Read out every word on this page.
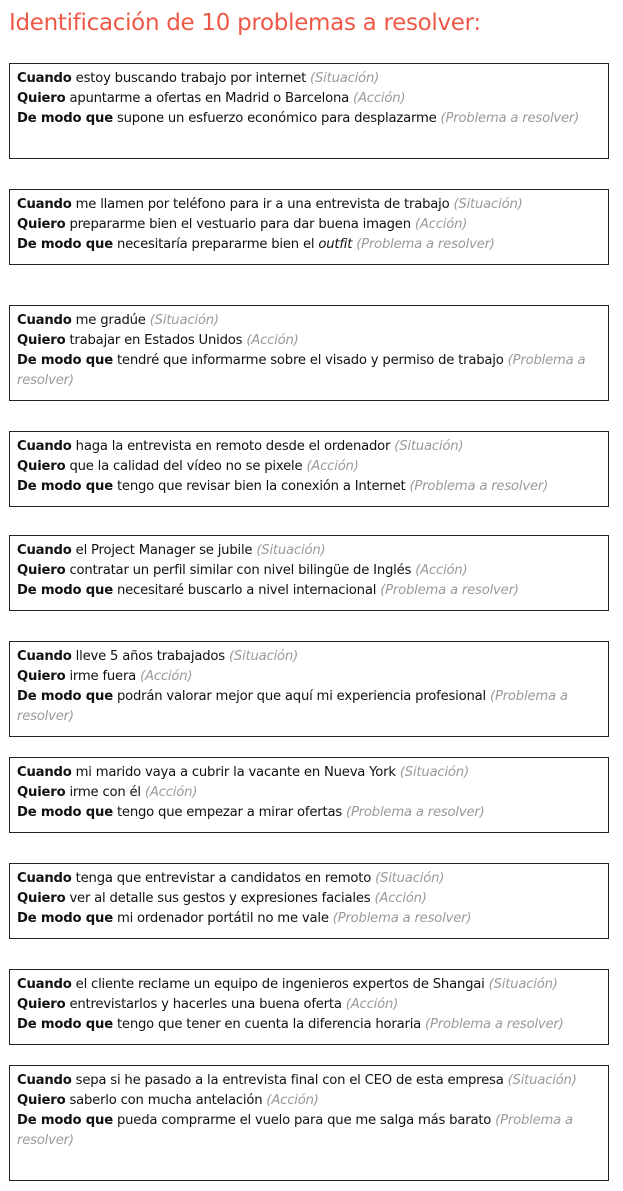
Identificación de 10 problemas a resolver:

Cuando estoy buscando trabajo por internet (Situación)

Quiero apuntarme a ofertas en Madrid o Barcelona (Acción)

De modo que supone un esfuerzo económico para desplazarme (Problema a resolver)

Cuando me llamen por teléfono para ir a una entrevista de trabajo (Situación)

Quiero prepararme bien el vestuario para dar buena imagen (Acción)

De modo que necesitaría prepararme bien el outfit (Problema a resolver)

Cuando me gradúe (Situación)

Quiero trabajar en Estados Unidos (Acción)

De modo que tendré que informarme sobre el visado y permiso de trabajo (Problema a resolver)

Cuando haga la entrevista en remoto desde el ordenador (Situación)

Quiero que la calidad del vídeo no se pixele (Acción)

De modo que tengo que revisar bien la conexión a Internet (Problema a resolver)

Cuando el Project Manager se jubile (Situación)

Quiero contratar un perfil similar con nivel bilingüe de Inglés (Acción)

De modo que necesitaré buscarlo a nivel internacional (Problema a resolver)

Cuando lleve 5 años trabajados (Situación)

Quiero irme fuera (Acción)

De modo que podrán valorar mejor que aquí mi experiencia profesional (Problema a resolver)

Cuando mi marido vaya a cubrir la vacante en Nueva York (Situación)

Quiero irme con él (Acción)

De modo que tengo que empezar a mirar ofertas (Problema a resolver)

Cuando tenga que entrevistar a candidatos en remoto (Situación)

Quiero ver al detalle sus gestos y expresiones faciales (Acción)

De modo que mi ordenador portátil no me vale (Problema a resolver)

Cuando el cliente reclame un equipo de ingenieros expertos de Shangai (Situación)

Quiero entrevistarlos y hacerles una buena oferta (Acción)

De modo que tengo que tener en cuenta la diferencia horaria (Problema a resolver)

Cuando sepa si he pasado a la entrevista final con el CEO de esta empresa (Situación)

Quiero saberlo con mucha antelación (Acción)

De modo que pueda comprarme el vuelo para que me salga más barato (Problema a resolver)
